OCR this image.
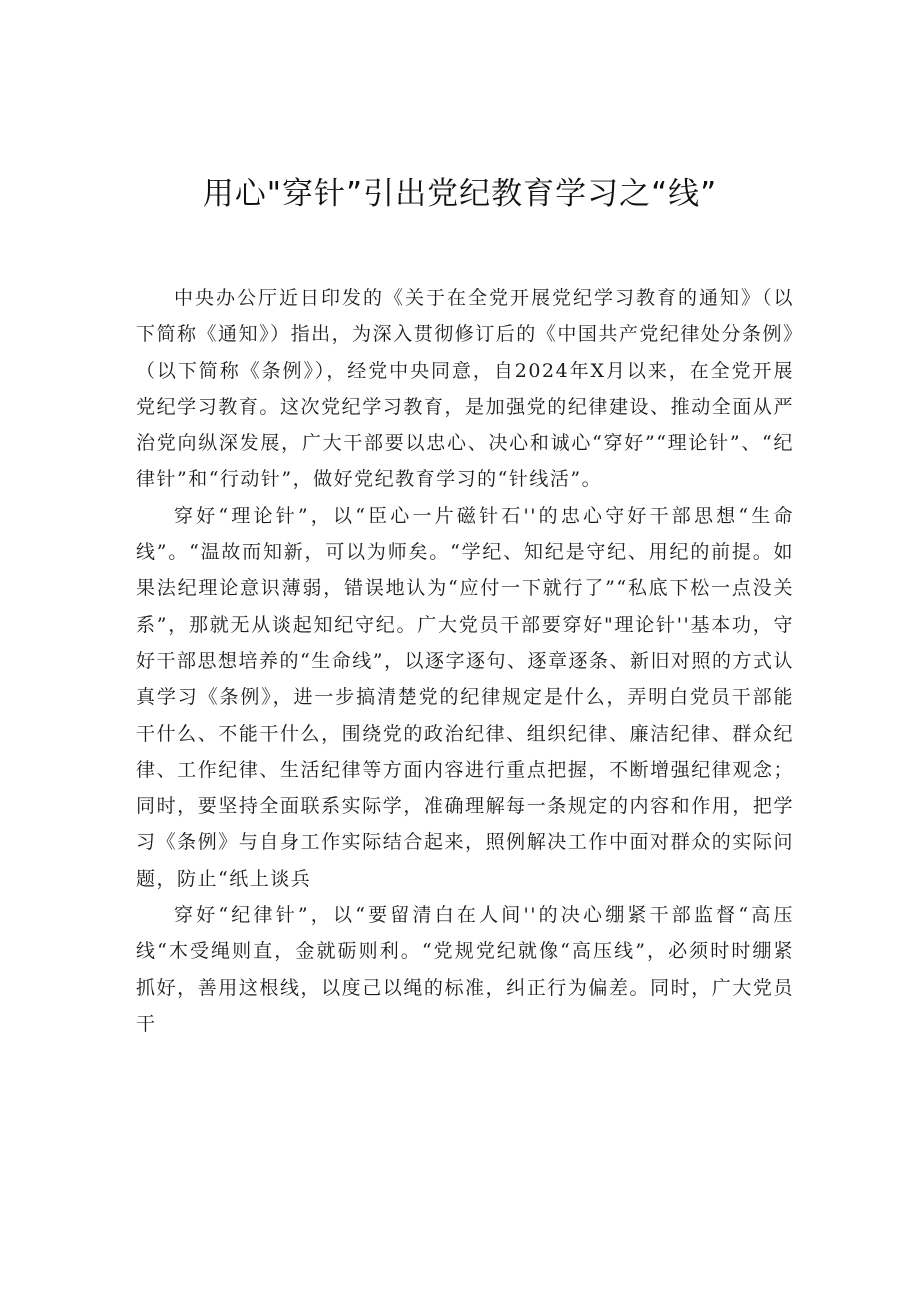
用心"穿针”引出党纪教育学习之“线”

中央办公厅近日印发的《关于在全党开展党纪学习教育的通知》（以下简称《通知》）指出，为深入贯彻修订后的《中国共产党纪律处分条例》（以下简称《条例》），经党中央同意，自2024年X月以来，在全党开展党纪学习教育。这次党纪学习教育，是加强党的纪律建设、推动全面从严治党向纵深发展，广大干部要以忠心、决心和诚心“穿好”“理论针”、“纪律针”和“行动针”，做好党纪教育学习的“针线活”。

穿好“理论针”，以“臣心一片磁针石''的忠心守好干部思想“生命线”。“温故而知新，可以为师矣。“学纪、知纪是守纪、用纪的前提。如果法纪理论意识薄弱，错误地认为“应付一下就行了”“私底下松一点没关系”，那就无从谈起知纪守纪。广大党员干部要穿好"理论针''基本功，守好干部思想培养的“生命线”，以逐字逐句、逐章逐条、新旧对照的方式认真学习《条例》，进一步搞清楚党的纪律规定是什么，弄明白党员干部能干什么、不能干什么，围绕党的政治纪律、组织纪律、廉洁纪律、群众纪律、工作纪律、生活纪律等方面内容进行重点把握，不断增强纪律观念；同时，要坚持全面联系实际学，准确理解每一条规定的内容和作用，把学习《条例》与自身工作实际结合起来，照例解决工作中面对群众的实际问题，防止“纸上谈兵

穿好“纪律针”，以“要留清白在人间''的决心绷紧干部监督“高压线“木受绳则直，金就砺则利。“党规党纪就像“高压线”，必须时时绷紧抓好，善用这根线，以度己以绳的标准，纠正行为偏差。同时，广大党员干
